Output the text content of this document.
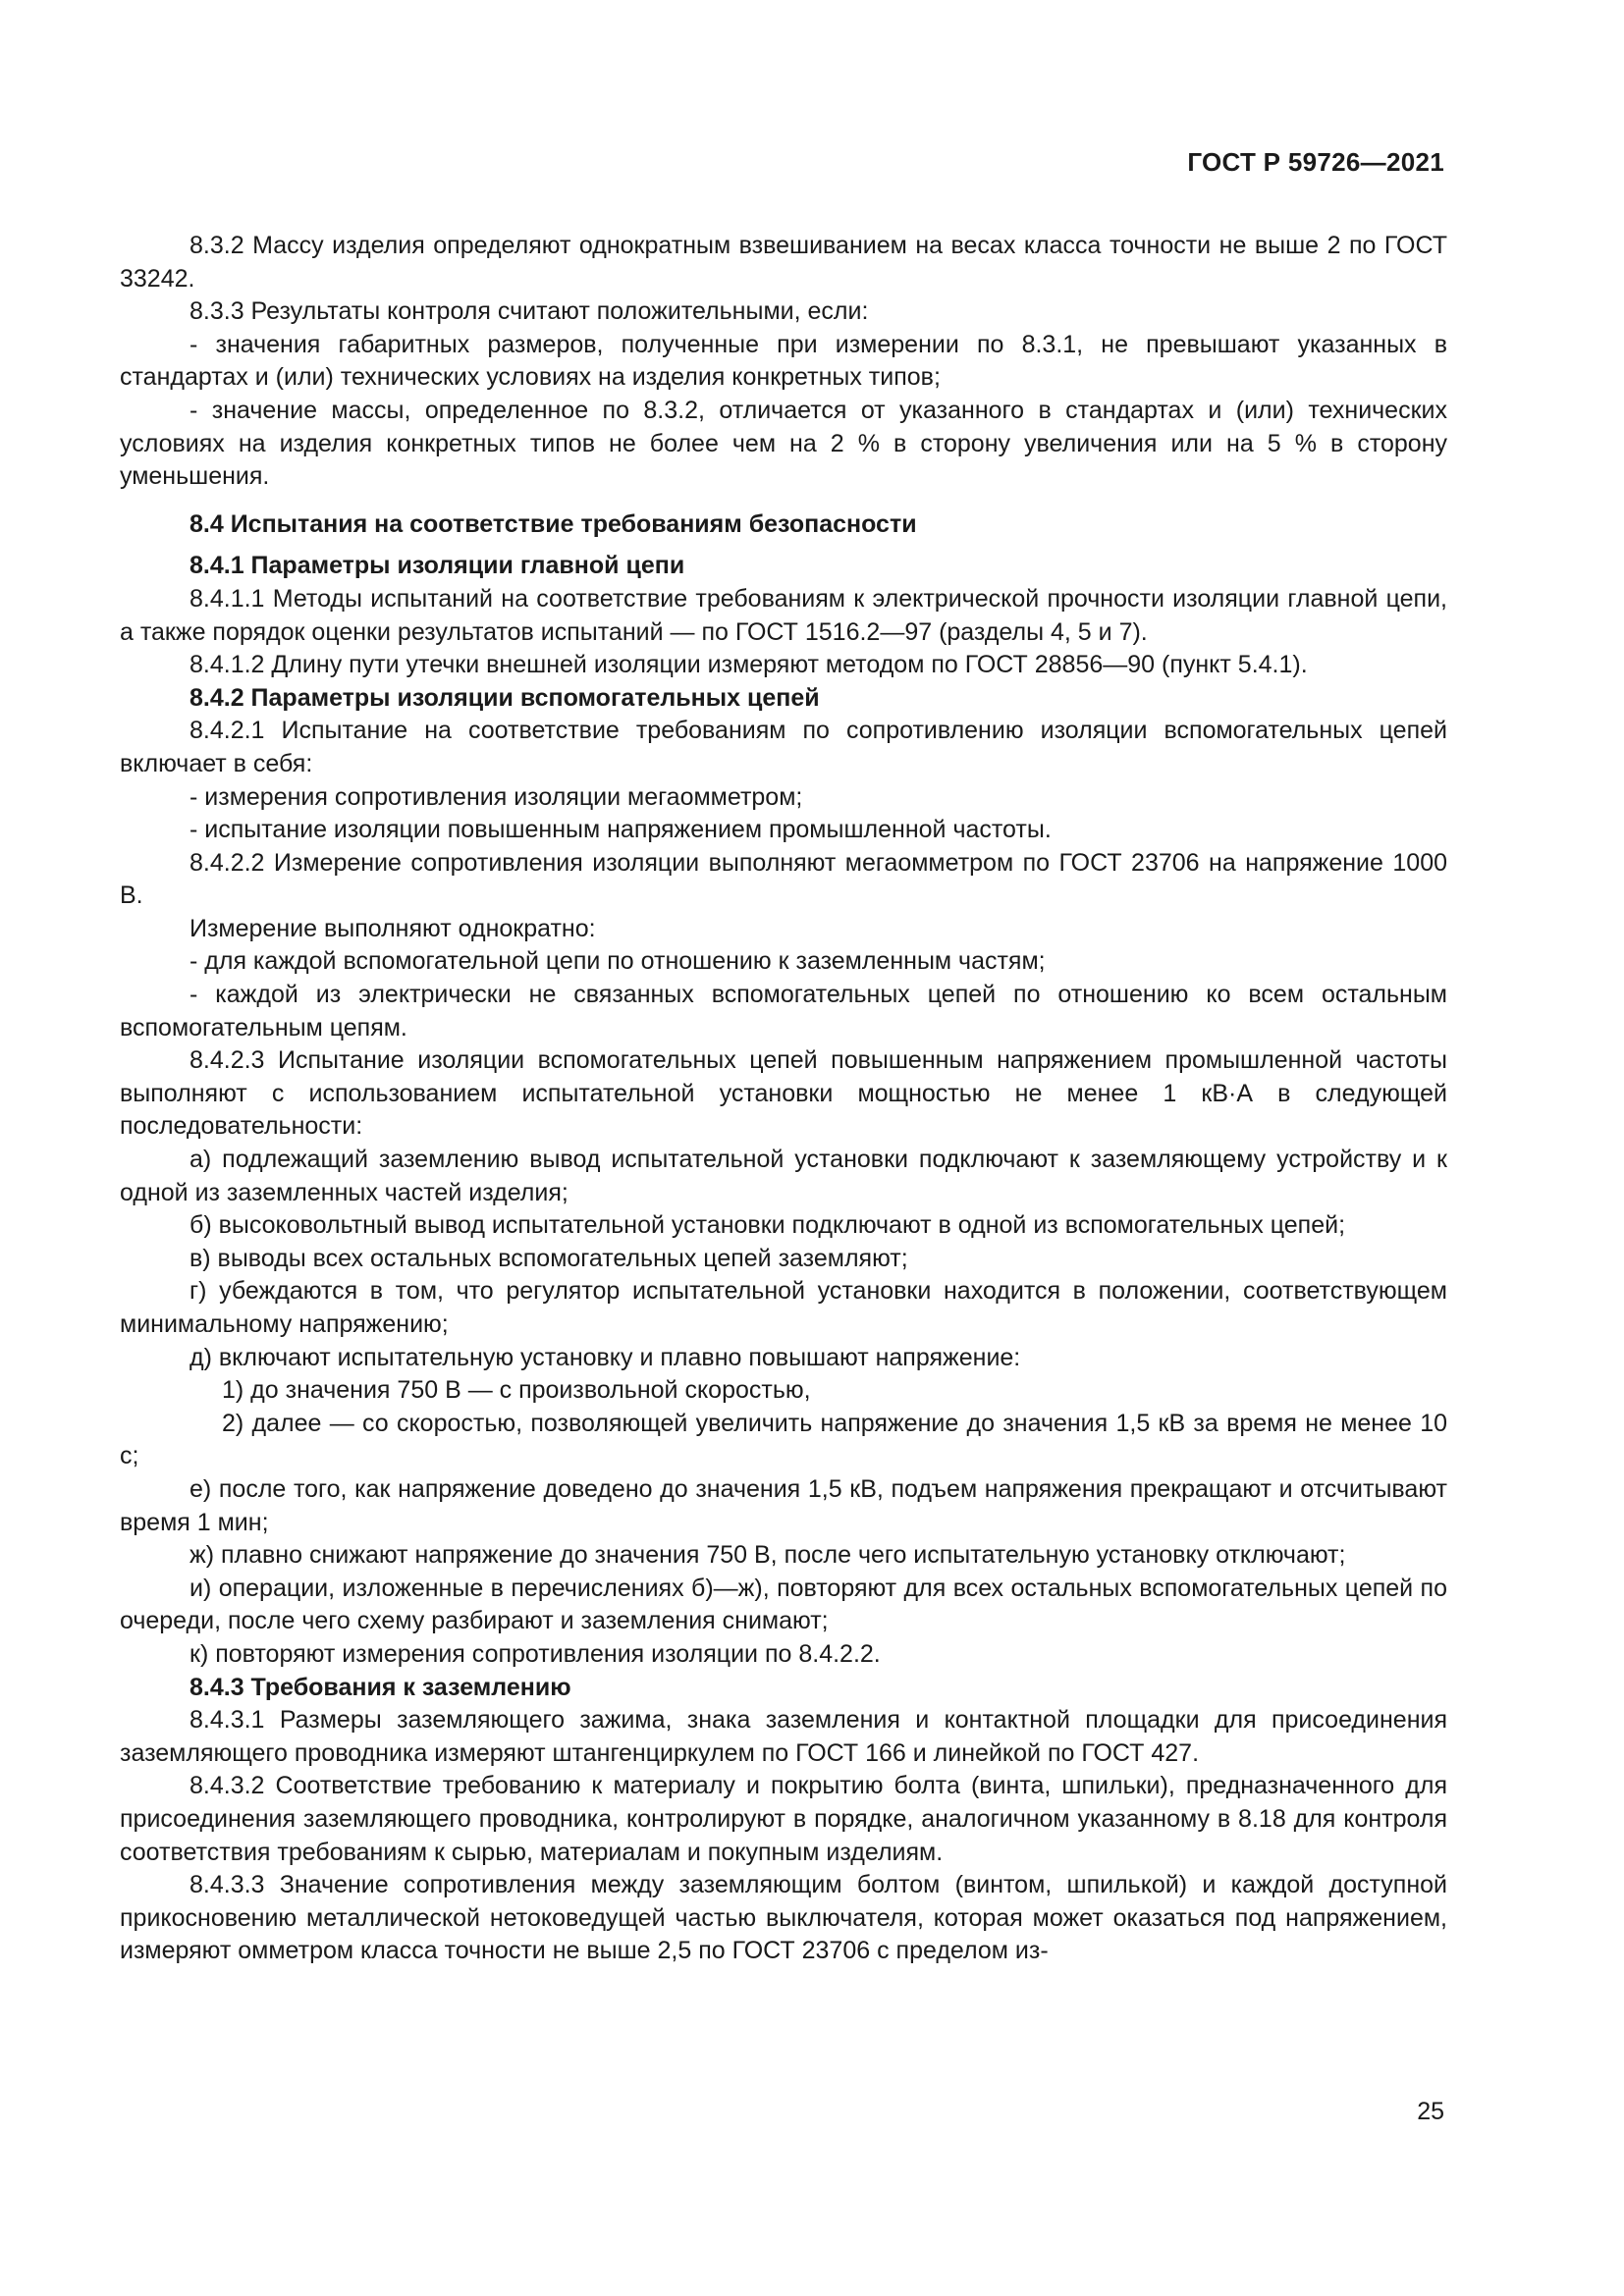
ГОСТ Р 59726—2021

8.3.2 Массу изделия определяют однократным взвешиванием на весах класса точности не выше 2 по ГОСТ 33242.

8.3.3 Результаты контроля считают положительными, если:

- значения габаритных размеров, полученные при измерении по 8.3.1, не превышают указанных в стандартах и (или) технических условиях на изделия конкретных типов;

- значение массы, определенное по 8.3.2, отличается от указанного в стандартах и (или) технических условиях на изделия конкретных типов не более чем на 2 % в сторону увеличения или на 5 % в сторону уменьшения.

8.4 Испытания на соответствие требованиям безопасности

8.4.1 Параметры изоляции главной цепи

8.4.1.1 Методы испытаний на соответствие требованиям к электрической прочности изоляции главной цепи, а также порядок оценки результатов испытаний — по ГОСТ 1516.2—97 (разделы 4, 5 и 7).

8.4.1.2 Длину пути утечки внешней изоляции измеряют методом по ГОСТ 28856—90 (пункт 5.4.1).

8.4.2 Параметры изоляции вспомогательных цепей

8.4.2.1 Испытание на соответствие требованиям по сопротивлению изоляции вспомогательных цепей включает в себя:

- измерения сопротивления изоляции мегаомметром;

- испытание изоляции повышенным напряжением промышленной частоты.

8.4.2.2 Измерение сопротивления изоляции выполняют мегаомметром по ГОСТ 23706 на напряжение 1000 В.

Измерение выполняют однократно:

- для каждой вспомогательной цепи по отношению к заземленным частям;

- каждой из электрически не связанных вспомогательных цепей по отношению ко всем остальным вспомогательным цепям.

8.4.2.3 Испытание изоляции вспомогательных цепей повышенным напряжением промышленной частоты выполняют с использованием испытательной установки мощностью не менее 1 кВ·А в следующей последовательности:

а) подлежащий заземлению вывод испытательной установки подключают к заземляющему устройству и к одной из заземленных частей изделия;

б) высоковольтный вывод испытательной установки подключают в одной из вспомогательных цепей;

в) выводы всех остальных вспомогательных цепей заземляют;

г) убеждаются в том, что регулятор испытательной установки находится в положении, соответствующем минимальному напряжению;

д) включают испытательную установку и плавно повышают напряжение:

1) до значения 750 В — с произвольной скоростью,

2) далее — со скоростью, позволяющей увеличить напряжение до значения 1,5 кВ за время не менее 10 с;

е) после того, как напряжение доведено до значения 1,5 кВ, подъем напряжения прекращают и отсчитывают время 1 мин;

ж) плавно снижают напряжение до значения 750 В, после чего испытательную установку отключают;

и) операции, изложенные в перечислениях б)—ж), повторяют для всех остальных вспомогательных цепей по очереди, после чего схему разбирают и заземления снимают;

к) повторяют измерения сопротивления изоляции по 8.4.2.2.

8.4.3 Требования к заземлению

8.4.3.1 Размеры заземляющего зажима, знака заземления и контактной площадки для присоединения заземляющего проводника измеряют штангенциркулем по ГОСТ 166 и линейкой по ГОСТ 427.

8.4.3.2 Соответствие требованию к материалу и покрытию болта (винта, шпильки), предназначенного для присоединения заземляющего проводника, контролируют в порядке, аналогичном указанному в 8.18 для контроля соответствия требованиям к сырью, материалам и покупным изделиям.

8.4.3.3 Значение сопротивления между заземляющим болтом (винтом, шпилькой) и каждой доступной прикосновению металлической нетоковедущей частью выключателя, которая может оказаться под напряжением, измеряют омметром класса точности не выше 2,5 по ГОСТ 23706 с пределом из-

25
